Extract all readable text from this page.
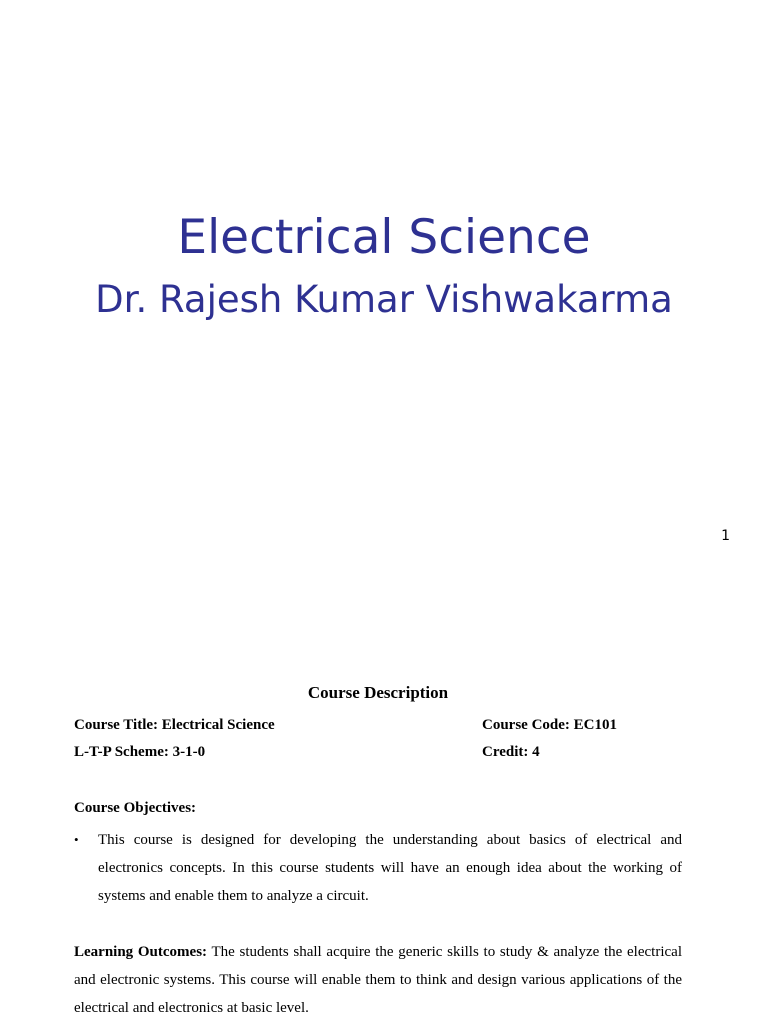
Electrical Science
Dr. Rajesh Kumar Vishwakarma
1
Course Description
Course Title: Electrical Science	Course Code: EC101
L-T-P Scheme: 3-1-0	Credit: 4
Course Objectives:
•	This course is designed for developing the understanding about basics of electrical and electronics concepts. In this course students will have an enough idea about the working of systems and enable them to analyze a circuit.
Learning Outcomes: The students shall acquire the generic skills to study & analyze the electrical and electronic systems. This course will enable them to think and design various applications of the electrical and electronics at basic level.
